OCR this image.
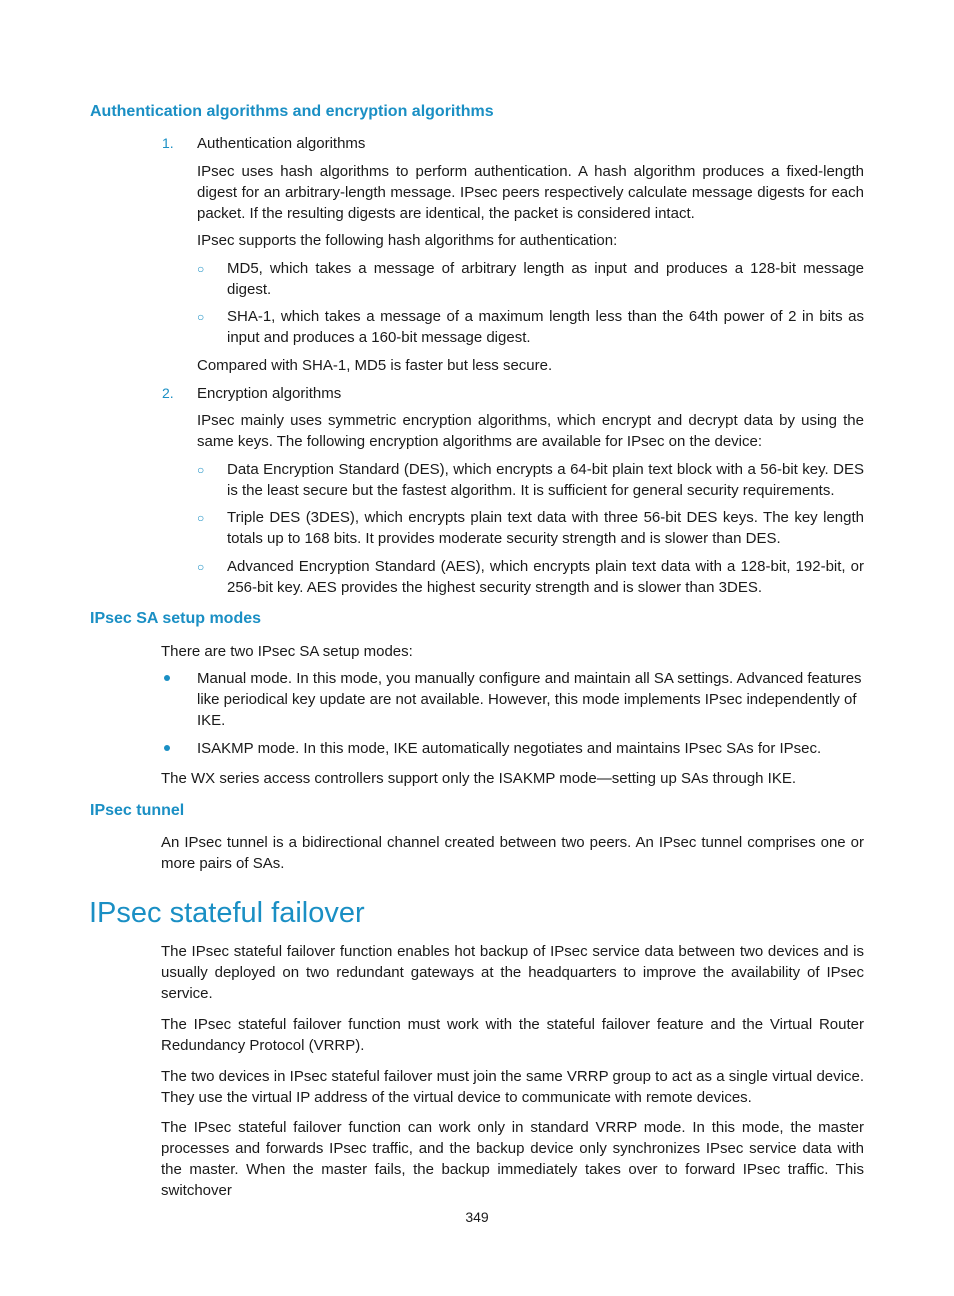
Authentication algorithms and encryption algorithms
1. Authentication algorithms

IPsec uses hash algorithms to perform authentication. A hash algorithm produces a fixed-length digest for an arbitrary-length message. IPsec peers respectively calculate message digests for each packet. If the resulting digests are identical, the packet is considered intact.

IPsec supports the following hash algorithms for authentication:

○ MD5, which takes a message of arbitrary length as input and produces a 128-bit message digest.

○ SHA-1, which takes a message of a maximum length less than the 64th power of 2 in bits as input and produces a 160-bit message digest.

Compared with SHA-1, MD5 is faster but less secure.

2. Encryption algorithms

IPsec mainly uses symmetric encryption algorithms, which encrypt and decrypt data by using the same keys. The following encryption algorithms are available for IPsec on the device:

○ Data Encryption Standard (DES), which encrypts a 64-bit plain text block with a 56-bit key. DES is the least secure but the fastest algorithm. It is sufficient for general security requirements.

○ Triple DES (3DES), which encrypts plain text data with three 56-bit DES keys. The key length totals up to 168 bits. It provides moderate security strength and is slower than DES.

○ Advanced Encryption Standard (AES), which encrypts plain text data with a 128-bit, 192-bit, or 256-bit key. AES provides the highest security strength and is slower than 3DES.

IPsec SA setup modes

There are two IPsec SA setup modes:

Manual mode. In this mode, you manually configure and maintain all SA settings. Advanced features like periodical key update are not available. However, this mode implements IPsec independently of IKE.

ISAKMP mode. In this mode, IKE automatically negotiates and maintains IPsec SAs for IPsec.

The WX series access controllers support only the ISAKMP mode—setting up SAs through IKE.

IPsec tunnel

An IPsec tunnel is a bidirectional channel created between two peers. An IPsec tunnel comprises one or more pairs of SAs.

IPsec stateful failover

The IPsec stateful failover function enables hot backup of IPsec service data between two devices and is usually deployed on two redundant gateways at the headquarters to improve the availability of IPsec service.

The IPsec stateful failover function must work with the stateful failover feature and the Virtual Router Redundancy Protocol (VRRP).

The two devices in IPsec stateful failover must join the same VRRP group to act as a single virtual device. They use the virtual IP address of the virtual device to communicate with remote devices.

The IPsec stateful failover function can work only in standard VRRP mode. In this mode, the master processes and forwards IPsec traffic, and the backup device only synchronizes IPsec service data with the master. When the master fails, the backup immediately takes over to forward IPsec traffic. This switchover

349
